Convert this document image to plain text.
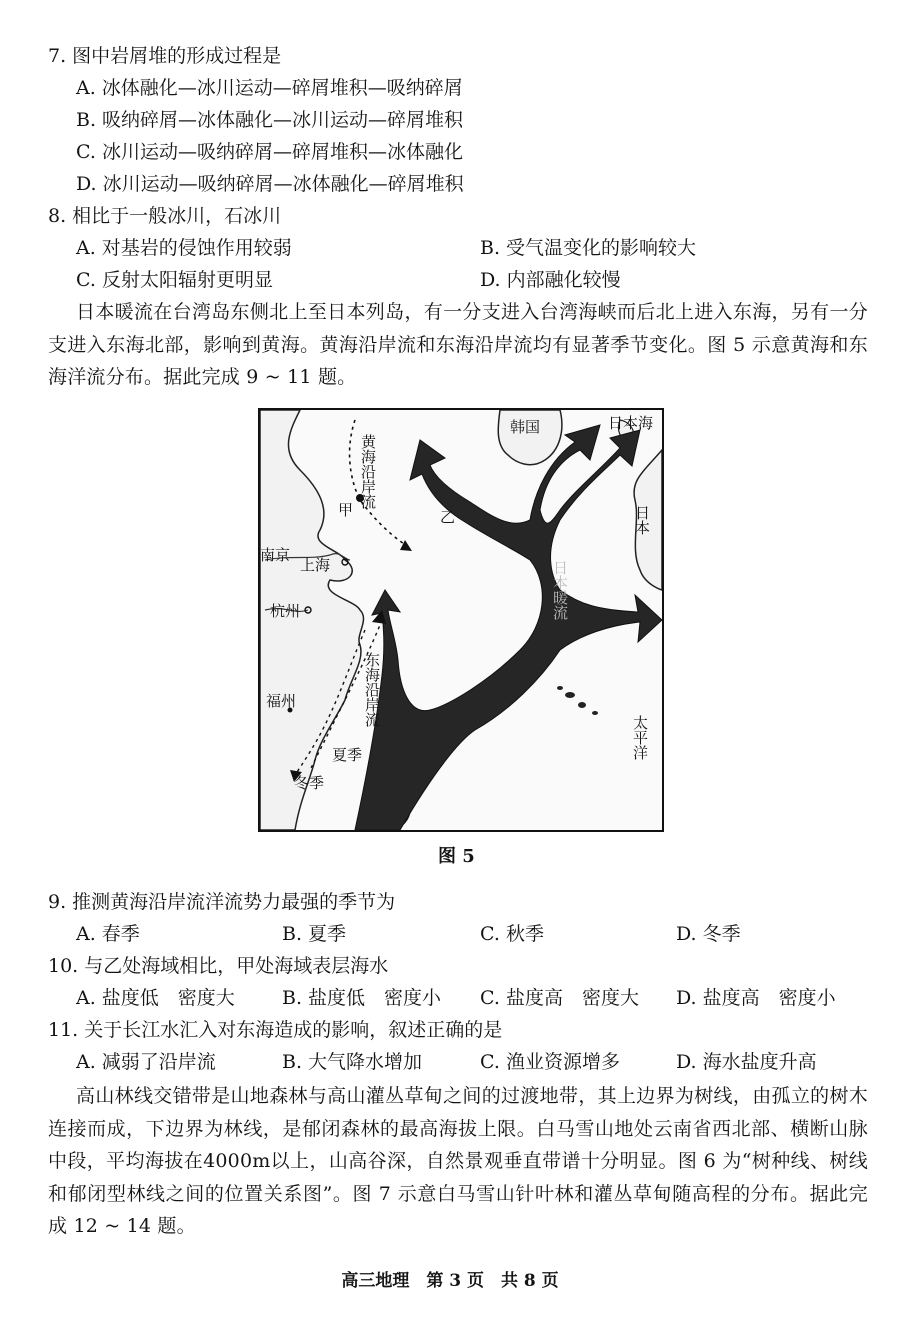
7. 图中岩屑堆的形成过程是
A. 冰体融化—冰川运动—碎屑堆积—吸纳碎屑
B. 吸纳碎屑—冰体融化—冰川运动—碎屑堆积
C. 冰川运动—吸纳碎屑—碎屑堆积—冰体融化
D. 冰川运动—吸纳碎屑—冰体融化—碎屑堆积
8. 相比于一般冰川，石冰川
A. 对基岩的侵蚀作用较弱	B. 受气温变化的影响较大
C. 反射太阳辐射更明显	D. 内部融化较慢
日本暖流在台湾岛东侧北上至日本列岛，有一分支进入台湾海峡而后北上进入东海，另有一分支进入东海北部，影响到黄海。黄海沿岸流和东海沿岸流均有显著季节变化。图 5 示意黄海和东海洋流分布。据此完成 9 ~ 11 题。
黄海沿岸流
甲	乙
韩国	日本海
日本
南京
上海
杭州
福州	东海沿岸流
夏季
冬季
日本暖流
太平洋
图 5
9. 推测黄海沿岸流洋流势力最强的季节为
A. 春季	B. 夏季	C. 秋季	D. 冬季
10. 与乙处海域相比，甲处海域表层海水
A. 盐度低　密度大 B. 盐度低　密度小 C. 盐度高　密度大 D. 盐度高　密度小
11. 关于长江水汇入对东海造成的影响，叙述正确的是
A. 减弱了沿岸流	B. 大气降水增加	C. 渔业资源增多	D. 海水盐度升高
高山林线交错带是山地森林与高山灌丛草甸之间的过渡地带，其上边界为树线，由孤立的树木连接而成，下边界为林线，是郁闭森林的最高海拔上限。白马雪山地处云南省西北部、横断山脉中段，平均海拔在4000m以上，山高谷深，自然景观垂直带谱十分明显。图 6 为“树种线、树线和郁闭型林线之间的位置关系图”。图 7 示意白马雪山针叶林和灌丛草甸随高程的分布。据此完成 12 ~ 14 题。
高三地理　第 3 页　共 8 页
